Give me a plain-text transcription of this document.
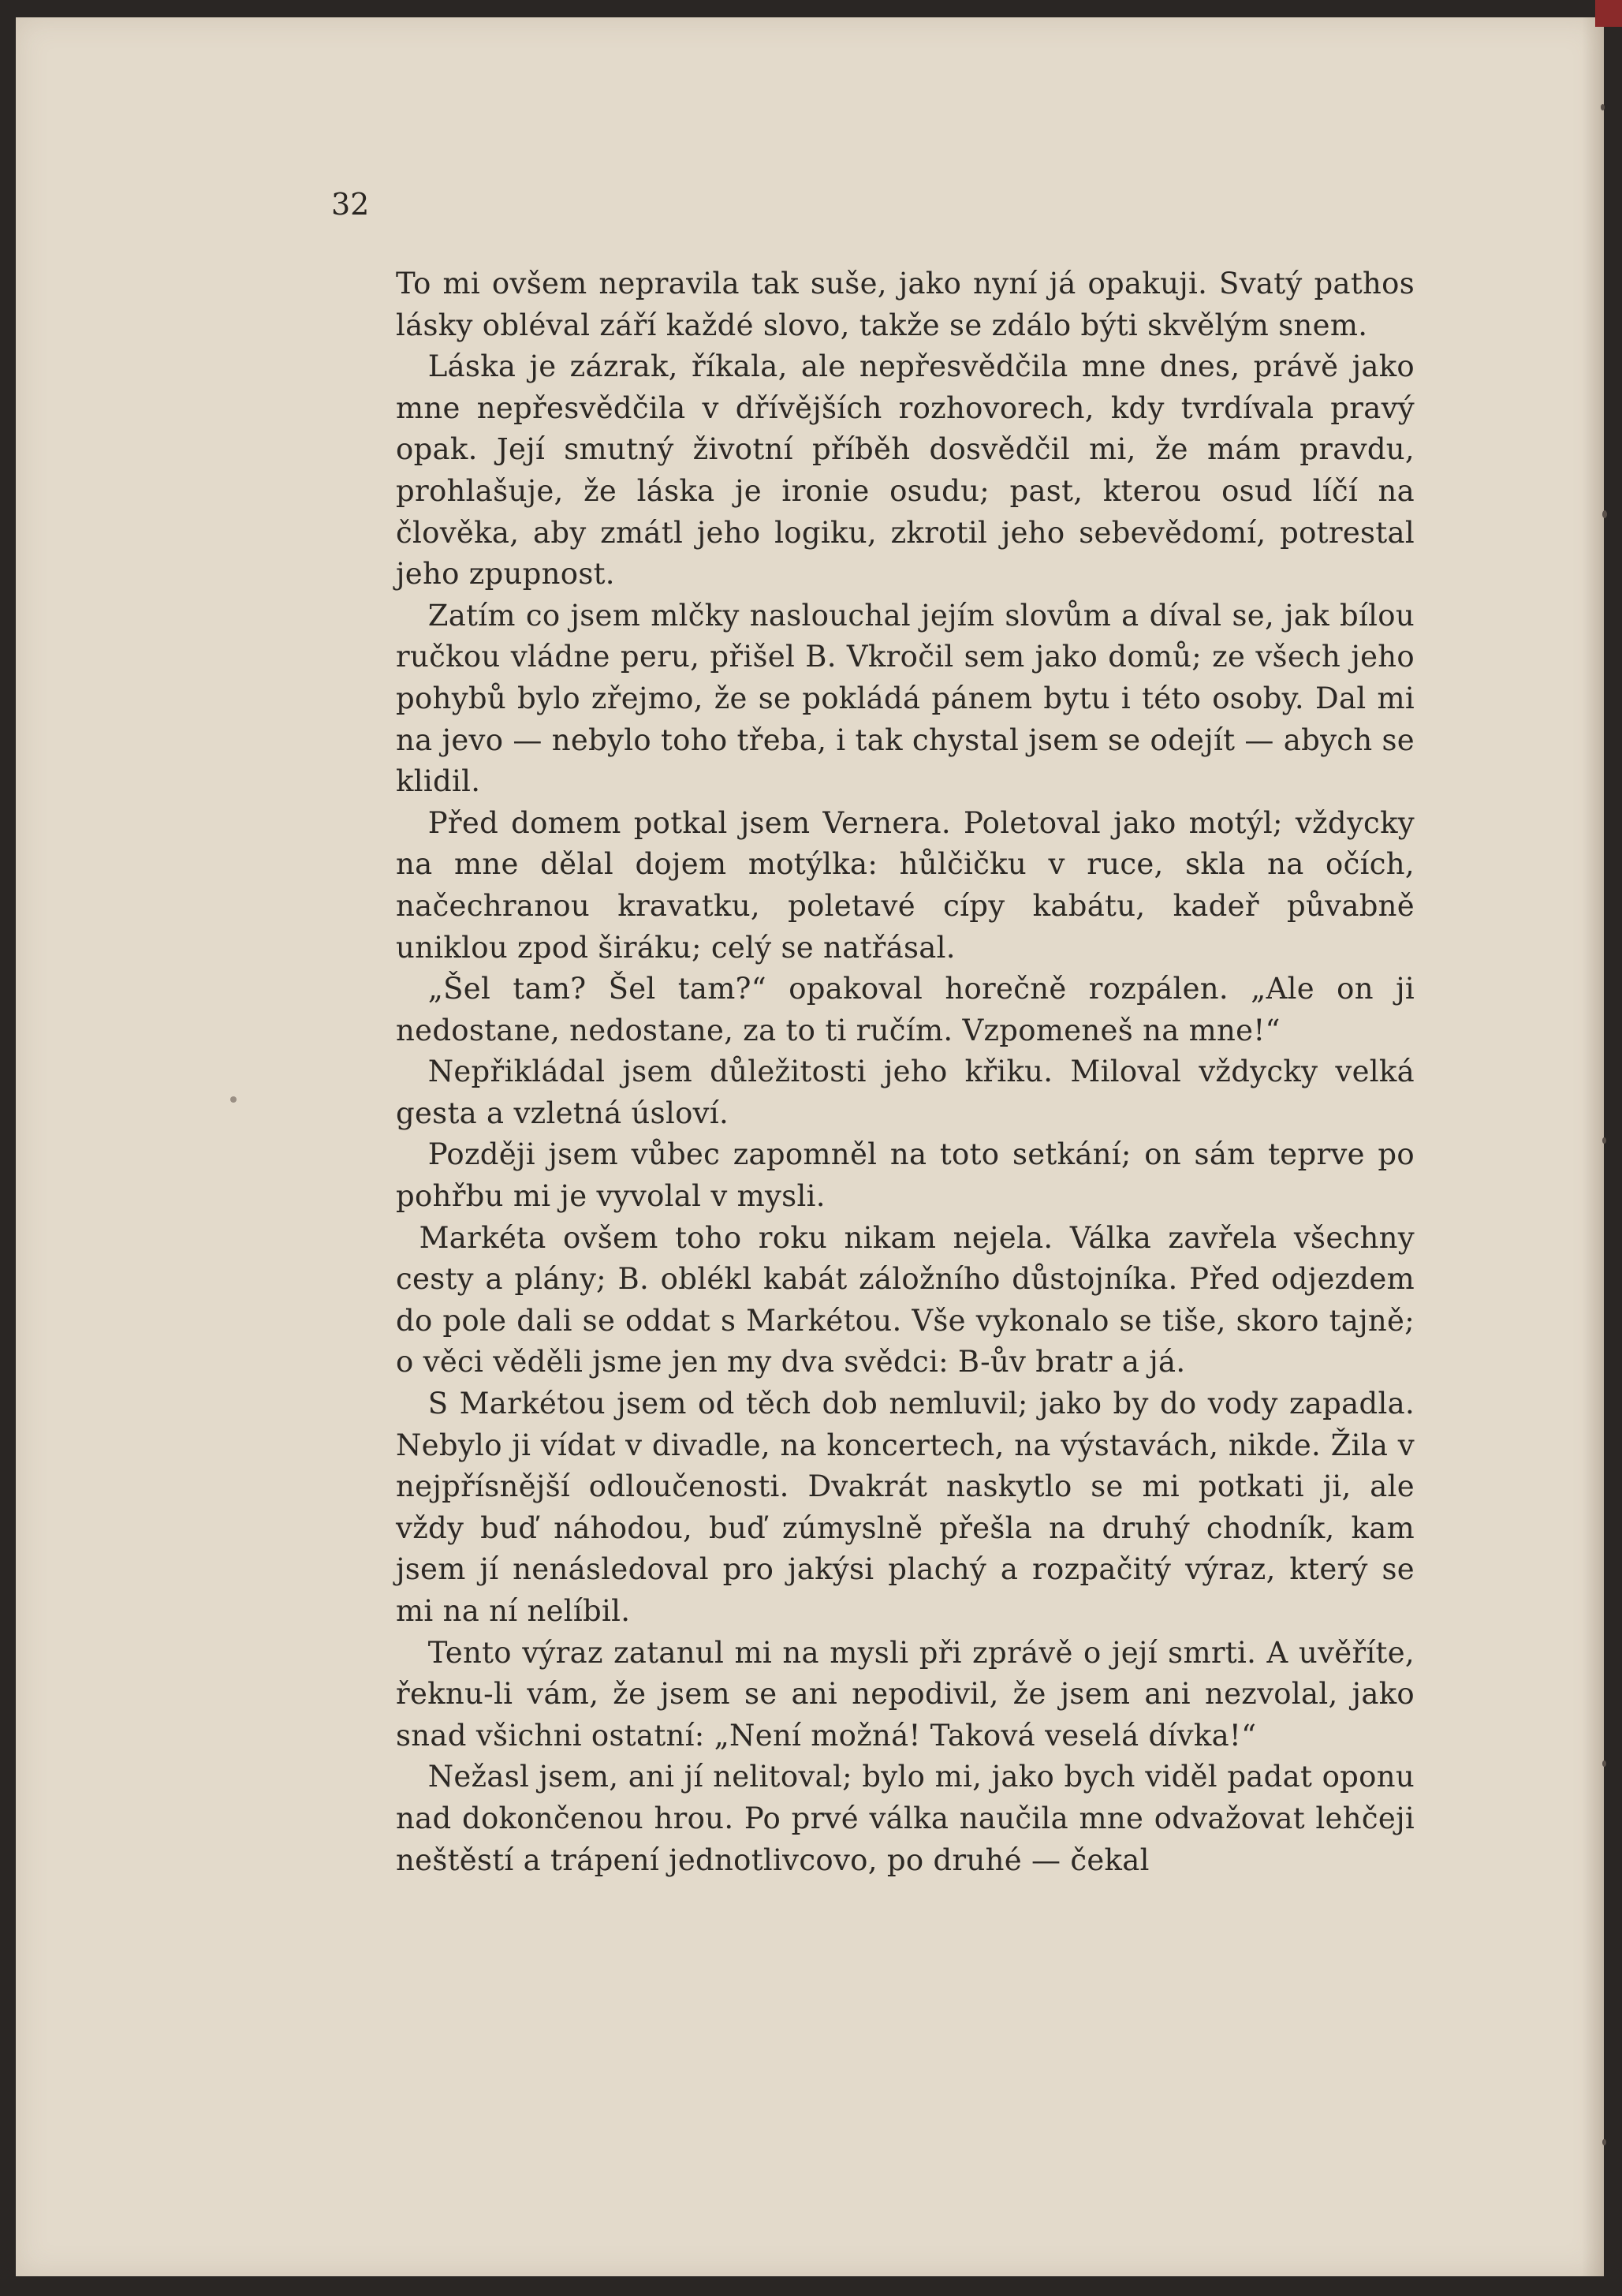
32

To mi ovšem nepravila tak suše, jako nyní já opakuji. Svatý pathos lásky obléval září každé slovo, takže se zdálo býti skvělým snem.

Láska je zázrak, říkala, ale nepřesvědčila mne dnes, právě jako mne nepřesvědčila v dřívějších rozhovorech, kdy tvrdívala pravý opak. Její smutný životní příběh dosvědčil mi, že mám pravdu, prohlašuje, že láska je ironie osudu; past, kterou osud líčí na člověka, aby zmátl jeho logiku, zkrotil jeho sebevědomí, potrestal jeho zpupnost.

Zatím co jsem mlčky naslouchal jejím slovům a díval se, jak bílou ručkou vládne peru, přišel B. Vkročil sem jako domů; ze všech jeho pohybů bylo zřejmo, že se pokládá pánem bytu i této osoby. Dal mi na jevo — nebylo toho třeba, i tak chystal jsem se odejít — abych se klidil.

Před domem potkal jsem Vernera. Poletoval jako motýl; vždycky na mne dělal dojem motýlka: hůlčičku v ruce, skla na očích, načechranou kravatku, poletavé cípy kabátu, kadeř půvabně uniklou zpod širáku; celý se natřásal.

„Šel tam? Šel tam?“ opakoval horečně rozpálen. „Ale on ji nedostane, nedostane, za to ti ručím. Vzpomeneš na mne!“

Nepřikládal jsem důležitosti jeho křiku. Miloval vždycky velká gesta a vzletná úsloví.

Později jsem vůbec zapomněl na toto setkání; on sám teprve po pohřbu mi je vyvolal v mysli.

Markéta ovšem toho roku nikam nejela. Válka zavřela všechny cesty a plány; B. oblékl kabát záložního důstojníka. Před odjezdem do pole dali se oddat s Markétou. Vše vykonalo se tiše, skoro tajně; o věci věděli jsme jen my dva svědci: B-ův bratr a já.

S Markétou jsem od těch dob nemluvil; jako by do vody zapadla. Nebylo ji vídat v divadle, na koncertech, na výstavách, nikde. Žila v nejpřísnější odloučenosti. Dvakrát naskytlo se mi potkati ji, ale vždy buď náhodou, buď zúmyslně přešla na druhý chodník, kam jsem jí nenásledoval pro jakýsi plachý a rozpačitý výraz, který se mi na ní nelíbil.

Tento výraz zatanul mi na mysli při zprávě o její smrti. A uvěříte, řeknu-li vám, že jsem se ani nepodivil, že jsem ani nezvolal, jako snad všichni ostatní: „Není možná! Taková veselá dívka!“

Nežasl jsem, ani jí nelitoval; bylo mi, jako bych viděl padat oponu nad dokončenou hrou. Po prvé válka naučila mne odvažovat lehčeji neštěstí a trápení jednotlivcovo, po druhé — čekal
